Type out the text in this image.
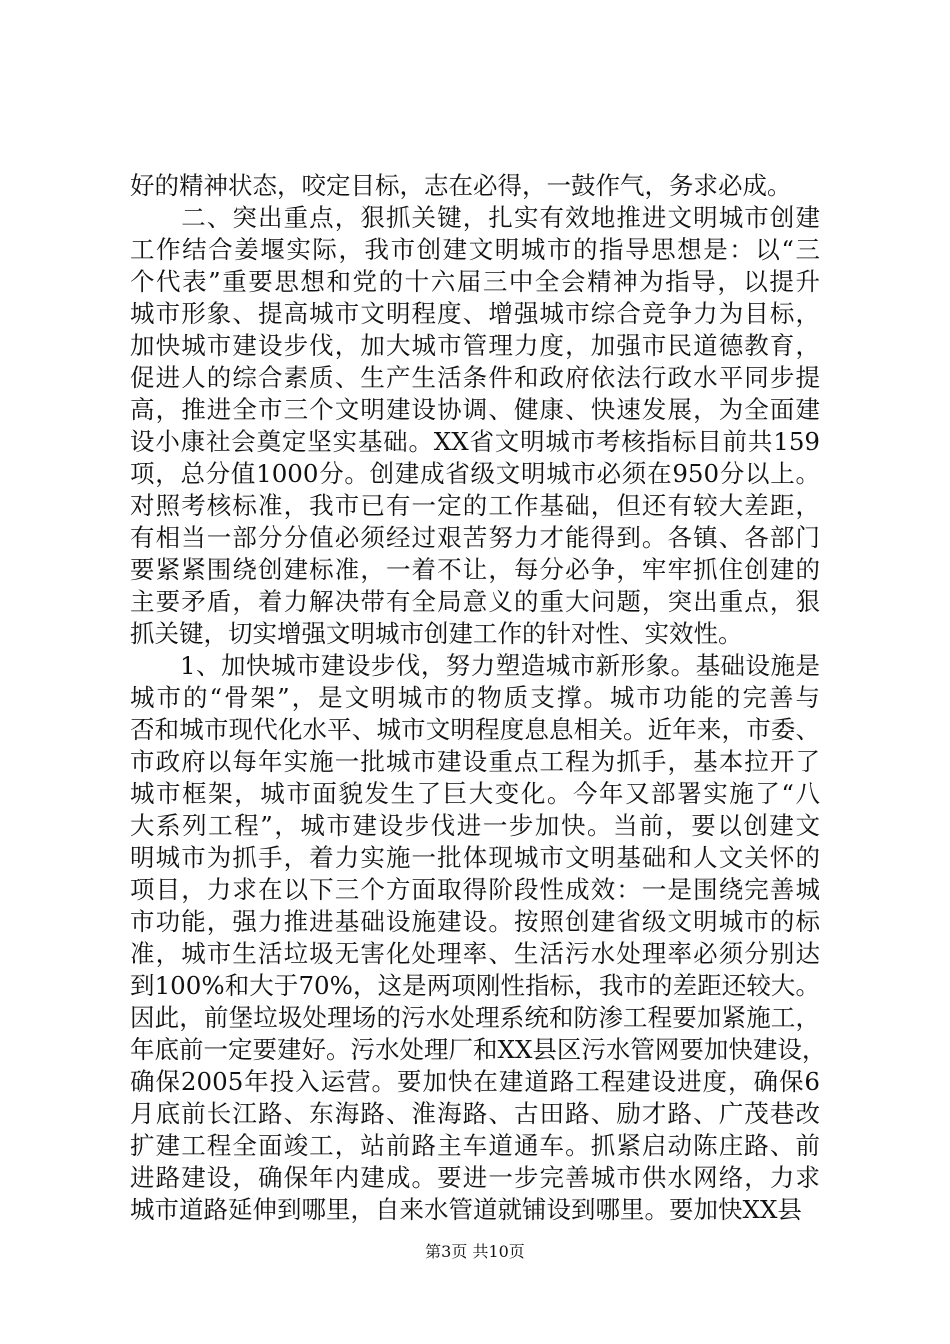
好的精神状态，咬定目标，志在必得，一鼓作气，务求必成。
　　二、突出重点，狠抓关键，扎实有效地推进文明城市创建
工作结合姜堰实际，我市创建文明城市的指导思想是：以“三
个代表”重要思想和党的十六届三中全会精神为指导，以提升
城市形象、提高城市文明程度、增强城市综合竞争力为目标，
加快城市建设步伐，加大城市管理力度，加强市民道德教育，
促进人的综合素质、生产生活条件和政府依法行政水平同步提
高，推进全市三个文明建设协调、健康、快速发展，为全面建
设小康社会奠定坚实基础。XX省文明城市考核指标目前共159
项，总分值1000分。创建成省级文明城市必须在950分以上。
对照考核标准，我市已有一定的工作基础，但还有较大差距，
有相当一部分分值必须经过艰苦努力才能得到。各镇、各部门
要紧紧围绕创建标准，一着不让，每分必争，牢牢抓住创建的
主要矛盾，着力解决带有全局意义的重大问题，突出重点，狠
抓关键，切实增强文明城市创建工作的针对性、实效性。
　　1、加快城市建设步伐，努力塑造城市新形象。基础设施是
城市的“骨架”，是文明城市的物质支撑。城市功能的完善与
否和城市现代化水平、城市文明程度息息相关。近年来，市委、
市政府以每年实施一批城市建设重点工程为抓手，基本拉开了
城市框架，城市面貌发生了巨大变化。今年又部署实施了“八
大系列工程”，城市建设步伐进一步加快。当前，要以创建文
明城市为抓手，着力实施一批体现城市文明基础和人文关怀的
项目，力求在以下三个方面取得阶段性成效：一是围绕完善城
市功能，强力推进基础设施建设。按照创建省级文明城市的标
准，城市生活垃圾无害化处理率、生活污水处理率必须分别达
到100%和大于70%，这是两项刚性指标，我市的差距还较大。
因此，前堡垃圾处理场的污水处理系统和防渗工程要加紧施工，
年底前一定要建好。污水处理厂和XX县区污水管网要加快建设，
确保2005年投入运营。要加快在建道路工程建设进度，确保6
月底前长江路、东海路、淮海路、古田路、励才路、广茂巷改
扩建工程全面竣工，站前路主车道通车。抓紧启动陈庄路、前
进路建设，确保年内建成。要进一步完善城市供水网络，力求
城市道路延伸到哪里，自来水管道就铺设到哪里。要加快XX县
第3页 共10页
